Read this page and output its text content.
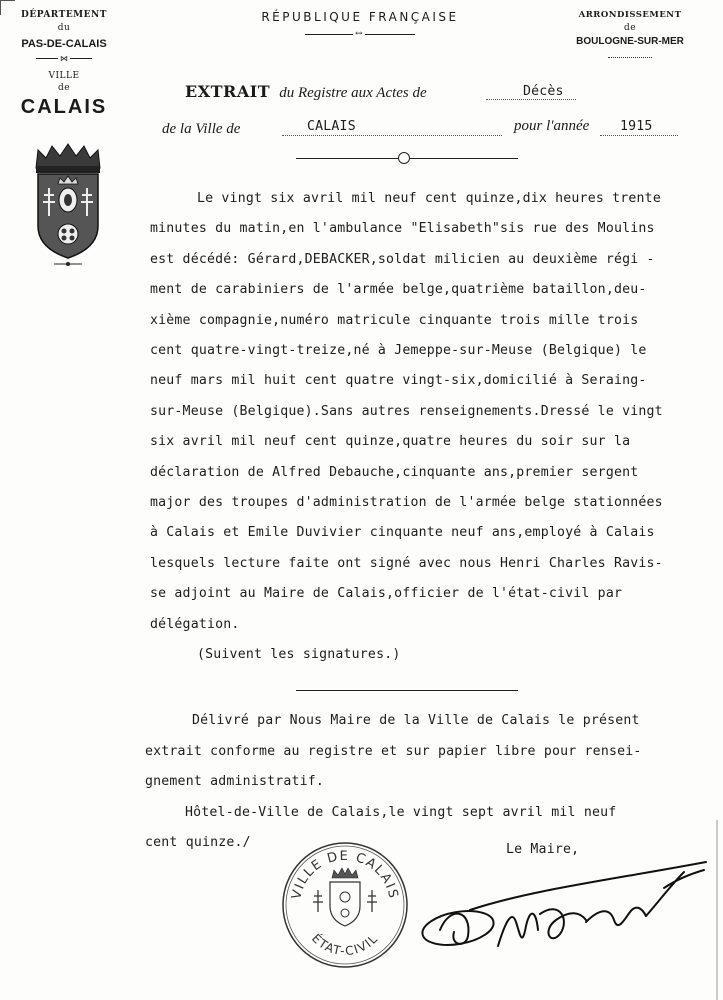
DÉPARTEMENT
du
PAS-DE-CALAIS
⋈
VILLE
de
CALAIS
RÉPUBLIQUE FRANÇAISE
↔
ARRONDISSEMENT
de
BOULOGNE-SUR-MER
EXTRAIT du Registre aux Actes de	Décès
de la Ville de	CALAIS	pour l'année 1915
Le vingt six avril mil neuf cent quinze,dix heures trente
minutes du matin,en l'ambulance "Elisabeth"sis rue des Moulins
est décédé: Gérard,DEBACKER,soldat milicien au deuxième régi -
ment de carabiniers de l'armée belge,quatrième bataillon,deu-
xième compagnie,numéro matricule cinquante trois mille trois
cent quatre-vingt-treize,né à Jemeppe-sur-Meuse (Belgique) le
neuf mars mil huit cent quatre vingt-six,domicilié à Seraing-
sur-Meuse (Belgique).Sans autres renseignements.Dressé le vingt
six avril mil neuf cent quinze,quatre heures du soir sur la
déclaration de Alfred Debauche,cinquante ans,premier sergent
major des troupes d'administration de l'armée belge stationnées
à Calais et Emile Duvivier cinquante neuf ans,employé à Calais
lesquels lecture faite ont signé avec nous Henri Charles Ravis-
se adjoint au Maire de Calais,officier de l'état-civil par
délégation.
(Suivent les signatures.)
Délivré par Nous Maire de la Ville de Calais le présent
extrait conforme au registre et sur papier libre pour rensei-
gnement administratif.
Hôtel-de-Ville de Calais,le vingt sept avril mil neuf
cent quinze./	Le Maire,
VILLE DE CALAIS
ÉTAT-CIVIL
